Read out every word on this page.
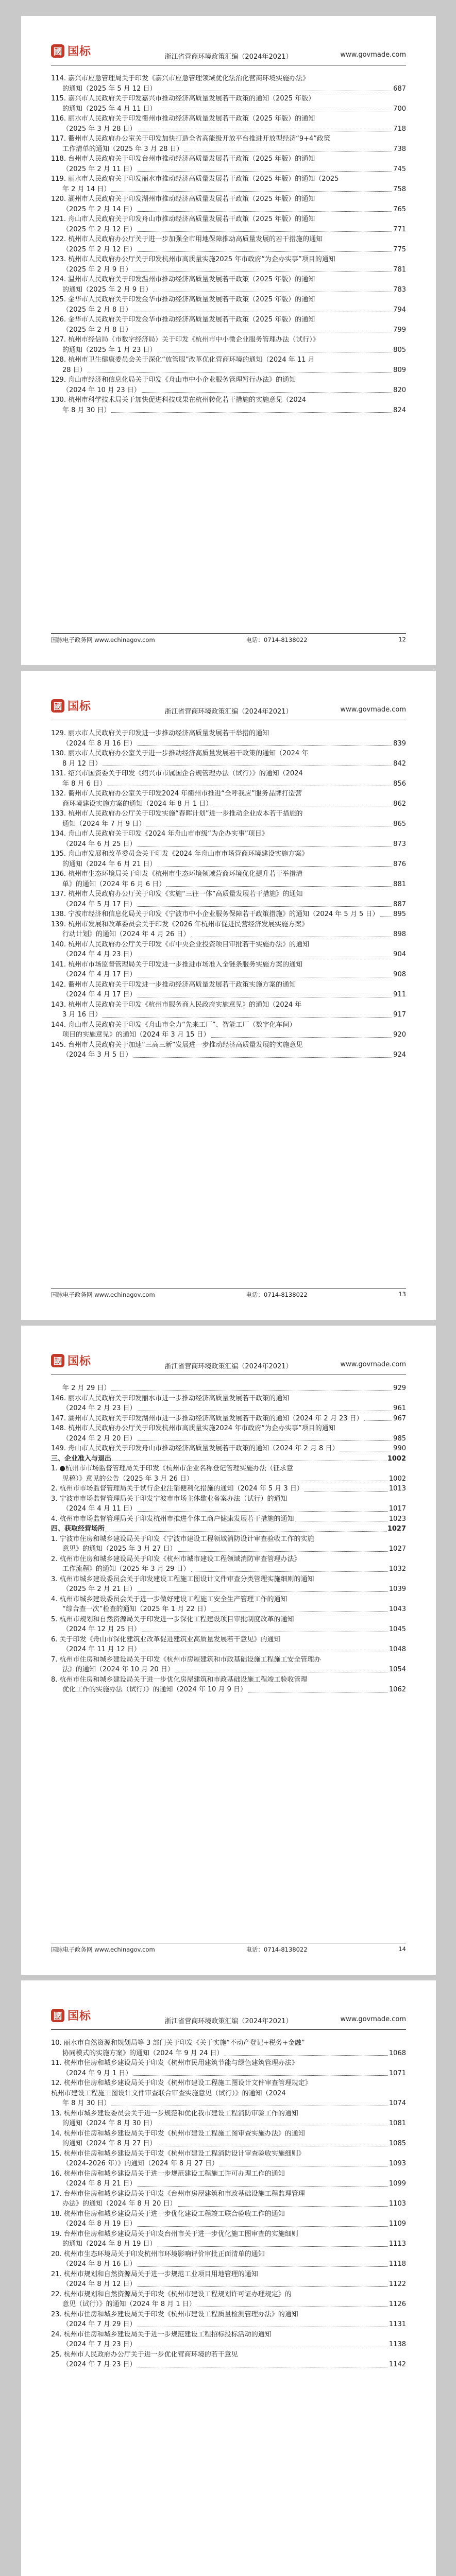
國 国标	浙江省营商环境政策汇编（2024年2021）	www.govmade.com
114. 嘉兴市应急管理局关于印发《嘉兴市应急管理领域优化法治化营商环境实施办法》
的通知（2025 年 5 月 12 日）	687
115. 嘉兴市人民政府关于印发嘉兴市推动经济高质量发展若干政策的通知（2025 年版）
的通知（2025 年 4 月 11 日）	700
116. 丽水市人民政府关于印发衢州市推动经济高质量发展若干政策（2025 年版）的通知
（2025 年 3 月 28 日）	718
117. 衢州市人民政府办公室关于印发加快打造全省高能级开放平台推进开放型经济“9+4”政策
工作清单的通知（2025 年 3 月 28 日）	738
118. 台州市人民政府关于印发台州市推动经济高质量发展若干政策（2025 年版）的通知
（2025 年 2 月 11 日）	745
119. 丽水市人民政府关于印发丽水市推动经济高质量发展若干政策（2025 年版）的通知（2025
年 2 月 14 日）	758
120. 湖州市人民政府关于印发湖州市推动经济高质量发展若干政策（2025 年版）的通知
（2025 年 2 月 14 日）	765
121. 舟山市人民政府关于印发舟山市推动经济高质量发展若干政策（2025 年版）的通知
（2025 年 2 月 12 日）	771
122. 杭州市人民政府办公厅关于进一步加强全市用地保障推动高质量发展的若干措施的通知
（2025 年 2 月 12 日）	775
123. 杭州市人民政府办公厅关于印发杭州市高质量实施2025 年市政府“为企办实事”项目的通知
（2025 年 2 月 9 日）	781
124. 温州市人民政府关于印发温州市推动经济高质量发展若干政策（2025 年版）的通知
的通知（2025 年 2 月 9 日）	783
125. 金华市人民政府关于印发金华市推动经济高质量发展若干政策（2025 年版）的通知
（2025 年 2 月 8 日）	794
126. 金华市人民政府关于印发金华市推动经济高质量发展若干政策（2025 年版）的通知
（2025 年 2 月 8 日）	799
127. 杭州市经信局（市数字经济局）关于印发《杭州市中小微企业服务管理办法（试行）》
的通知（2025 年 1 月 23 日）	805
128. 杭州市卫生健康委员会关于深化“放管服”改革优化营商环境的通知（2024 年 11 月
28 日）	809
129. 舟山市经济和信息化局关于印发《舟山市中小企业服务管理暂行办法》的通知
（2024 年 10 月 23 日）	820
130. 杭州市科学技术局关于加快促进科技成果在杭州转化若干措施的实施意见（2024
年 8 月 30 日）	824
国脉电子政务网 www.echinagov.com	电话：0714-8138022	12
國 国标	浙江省营商环境政策汇编（2024年2021）	www.govmade.com
129. 丽水市人民政府关于印发进一步推动经济高质量发展若干举措的通知
（2024 年 8 月 16 日）	839
130. 丽水市人民政府办公室关于进一步推动经济高质量发展若干政策的通知（2024 年
8 月 12 日）	842
131. 绍兴市国资委关于印发《绍兴市市属国企合规管理办法（试行）》的通知（2024
年 8 月 6 日）	856
132. 衢州市人民政府办公室关于印发2024 年衢州市推进“全呼我应”服务品牌打造营
商环境建设实施方案的通知（2024 年 8 月 1 日）	862
133. 杭州市人民政府办公厅关于印发实施“春晖计划”进一步推动企业成本若干措施的
通知（2024 年 7 月 9 日）	865
134. 舟山市人民政府关于印发《2024 年舟山市市级“为企办实事”项目》
（2024 年 6 月 25 日）	873
135. 舟山市发展和改革委员会关于印发《2024 年舟山市市场营商环境建设实施方案》
的通知（2024 年 6 月 21 日）	876
136. 杭州市生态环境局关于印发《杭州市生态环境领域营商环境优化提升若干举措清
单》的通知（2024 年 6 月 6 日）	881
137. 杭州市人民政府办公厅关于印发《实施“三往一体”高质量发展若干措施》的通知
（2024 年 5 月 17 日）	887
138. 宁波市经济和信息化局关于印发《宁波市中小企业服务保障若干政策措施》的通知（2024 年 5 月 5 日） 895
139. 杭州市发展和改革委员会关于印发《2026 年杭州市促进民营经济发展实施方案》
行动计划》的通知（2024 年 4 月 26 日）	898
140. 杭州市人民政府办公厅关于印发《市中央企业投资项目审批若干实施办法》的通知
（2024 年 4 月 23 日）	904
141. 杭州市市场监督管理局关于印发进一步推进市场准入全链条服务实施方案的通知
（2024 年 4 月 17 日）	908
142. 衢州市人民政府关于印发进一步推动经济高质量发展若干政策实施方案的通知
（2024 年 4 月 17 日）	911
143. 杭州市人民政府关于印发《杭州市服务商人民政府实施意见》的通知（2024 年
3 月 16 日）	917
144. 舟山市人民政府关于印发《舟山市全力“先来工厂”、智能工厂（数字化车间）
项目的实施意见》的通知（2024 年 3 月 15 日）	920
145. 台州市人民政府关于加速“三高三新”发展进一步推动经济高质量发展的实施意见
（2024 年 3 月 5 日）	924
国脉电子政务网 www.echinagov.com	电话：0714-8138022	13
國 国标	浙江省营商环境政策汇编（2024年2021）	www.govmade.com
年 2 月 29 日）	929
146. 丽水市人民政府关于印发丽水市进一步推动经济高质量发展若干政策的通知
（2024 年 2 月 23 日）	961
147. 湖州市人民政府关于印发湖州市进一步推动经济高质量发展若干政策的通知（2024 年 2 月 23 日）	967
148. 杭州市人民政府办公厅关于印发杭州市高质量实施2024 年市政府“为企办实事”项目的通知
（2024 年 2 月 20 日）	985
149. 舟山市人民政府关于印发舟山市推动经济高质量发展若干政策的通知（2024 年 2 月 8 日）	990
三、企业准入与退出	1002
1. ●杭州市市场监督管理局关于印发《杭州市企业名称登记管理实施办法（征求意
见稿）》意见的公告（2025 年 3 月 26 日）	1002
2. 杭州市市场监督管理局关于试行企业注销便利化措施的通知（2024 年 5 月 3 日）	1013
3. 宁波市市场监督管理局关于印发宁波市市场主体歇业备案办法（试行）的通知
（2024 年 4 月 11 日）	1017
4. 杭州市市场监督管理局关于印发杭州市推进个体工商户健康发展若干措施的通知	1023
四、获取经营场所	1027
1. 宁波市住房和城乡建设局关于印发《宁波市建设工程领域消防设计审查验收工作的实施
意见》的通知（2025 年 3 月 27 日）	1027
2. 杭州市住房和城乡建设局关于印发《杭州市城市建设工程领域消防审查管理办法》
工作流程》的通知（2025 年 3 月 29 日）	1032
3. 杭州市城乡建设委员会关于印发建设工程施工图设计文件审查分类管理实施细则的通知
（2025 年 2 月 21 日）	1039
4. 杭州市城乡建设委员会关于进一步做好建设工程施工安全生产管理工作的通知
“综合查一次”检查的通知（2025 年 1 月 22 日）	1043
5. 杭州市规划和自然资源局关于印发进一步深化工程建设项目审批制度改革的通知
（2024 年 12 月 25 日）	1045
6. 关于印发《舟山市深化建筑业改革促进建筑业高质量发展若干意见》的通知
（2024 年 11 月 12 日）	1048
7. 杭州市住房和城乡建设局关于印发《杭州市房屋建筑和市政基础设施工程施工安全管理办
法》的通知（2024 年 10 月 20 日）	1054
8. 杭州市住房和城乡建设局关于进一步优化房屋建筑和市政基础设施工程竣工验收管理
优化工作的实施办法（试行）》的通知（2024 年 10 月 9 日）	1062
国脉电子政务网 www.echinagov.com	电话：0714-8138022	14
國 国标	浙江省营商环境政策汇编（2024年2021）	www.govmade.com
10. 丽水市自然资源和规划局等 3 部门关于印发《关于实施“不动产登记+税务+金融”
协同模式的实施方案》的通知（2024 年 9 月 24 日）	1068
11. 杭州市住房和城乡建设局关于印发《杭州市民用建筑节能与绿色建筑管理办法》
（2024 年 9 月 1 日）	1071
12. 杭州市住房和城乡建设局关于印发《杭州市建设工程施工图设计文件审查管理规定》
杭州市建设工程施工图设计文件审查联合审查实施意见（试行）》的通知（2024
年 8 月 30 日）	1074
13. 杭州市城乡建设委员会关于进一步规范和优化我市建设工程消防审验工作的通知
的通知（2024 年 8 月 30 日）	1081
14. 杭州市住房和城乡建设局关于印发《杭州市建设工程施工图审查实施办法》的通知
的通知（2024 年 8 月 27 日）	1085
15. 杭州市住房和城乡建设局关于印发《杭州市建设工程消防设计审查验收实施细则》
（2024-2026 年）》的通知（2024 年 8 月 27 日）	1093
16. 杭州市住房和城乡建设局关于进一步规范建设工程施工许可办理工作的通知
（2024 年 8 月 21 日）	1099
17. 台州市住房和城乡建设局关于印发《台州市房屋建筑和市政基础设施工程监理管理
办法》的通知（2024 年 8 月 20 日）	1103
18. 杭州市住房和城乡建设局关于进一步优化建设工程竣工联合验收工作的通知
（2024 年 8 月 19 日）	1109
19. 台州市住房和城乡建设局关于印发台州市关于进一步优化施工图审查的实施细则
的通知（2024 年 8 月 19 日）	1113
20. 杭州市生态环境局关于印发杭州市环境影响评价审批正面清单的通知
（2024 年 8 月 16 日）	1118
21. 杭州市规划和自然资源局关于进一步规范工业项目用地管理的通知
（2024 年 8 月 12 日）	1122
22. 杭州市规划和自然资源局关于印发《杭州市建设工程规划许可证办理规定》的
意见（试行）》的通知（2024 年 8 月 1 日）	1126
23. 杭州市住房和城乡建设局关于印发《杭州市建设工程质量检测管理办法》的通知
（2024 年 7 月 29 日）	1131
24. 杭州市住房和城乡建设局关于进一步规范建设工程招标投标活动的通知
（2024 年 7 月 23 日）	1138
25. 杭州市人民政府办公厅关于进一步优化营商环境的若干意见
（2024 年 7 月 23 日）	1142
